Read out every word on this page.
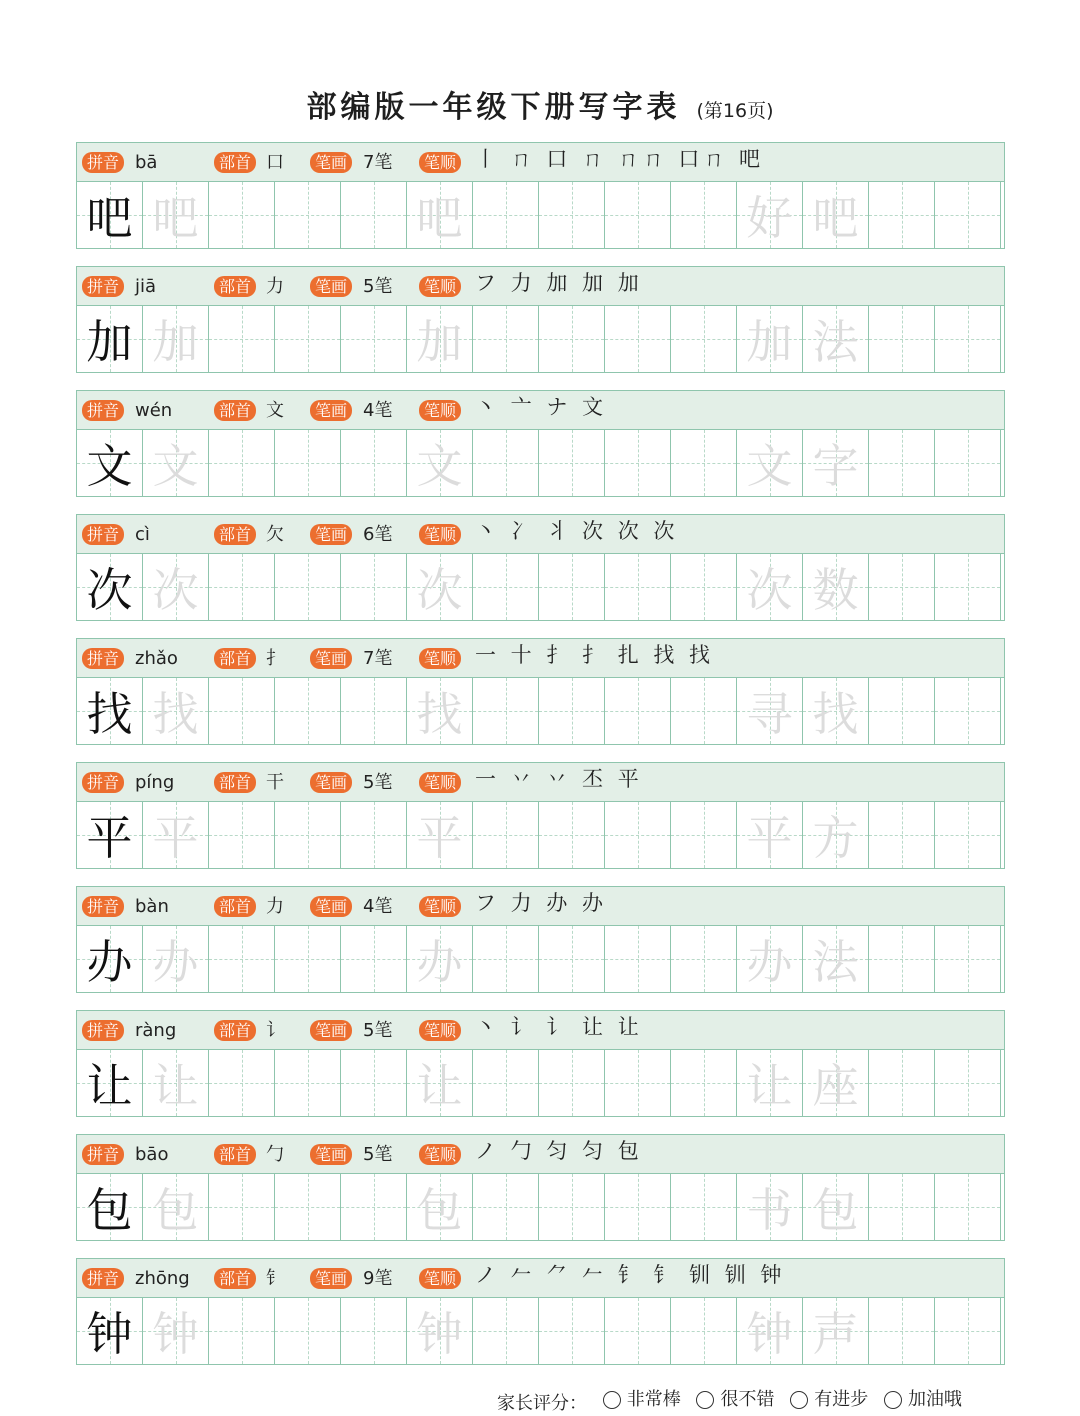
部编版一年级下册写字表 (第16页)
拼音 bā	部首 口	笔画 7笔	笔顺 丨 ㄇ 口 ㄇ ㄇㄇ 口ㄇ 吧
吧 吧	吧	好 吧
拼音 jiā	部首 力	笔画 5笔	笔顺 フ 力 加 加 加
加 加	加	加 法
拼音 wén	部首 文	笔画 4笔	笔顺 丶 亠 ナ 文
文 文	文	文 字
拼音 cì	部首 欠	笔画 6笔	笔顺 丶 冫 丬 次 次 次
次 次	次	次 数
拼音 zhǎo	部首 扌	笔画 7笔	笔顺 一 十 扌 扌 扎 找 找
找 找	找	寻 找
拼音 píng	部首 干	笔画 5笔	笔顺 一 丷 丷 丕 平
平 平	平	平 方
拼音 bàn	部首 力	笔画 4笔	笔顺 フ 力 办 办
办 办	办	办 法
拼音 ràng	部首 讠	笔画 5笔	笔顺 丶 讠 讠 让 让
让 让	让	让 座
拼音 bāo	部首 勹	笔画 5笔	笔顺 ノ 勹 匀 匀 包
包 包	包	书 包
拼音 zhōng	部首 钅	笔画 9笔	笔顺 ノ 𠂉 ⺈ 𠂉 钅 钅 钏 钏 钟
钟 钟	钟	钟 声
家长评分： 非常棒
很不错
有进步
加油哦
